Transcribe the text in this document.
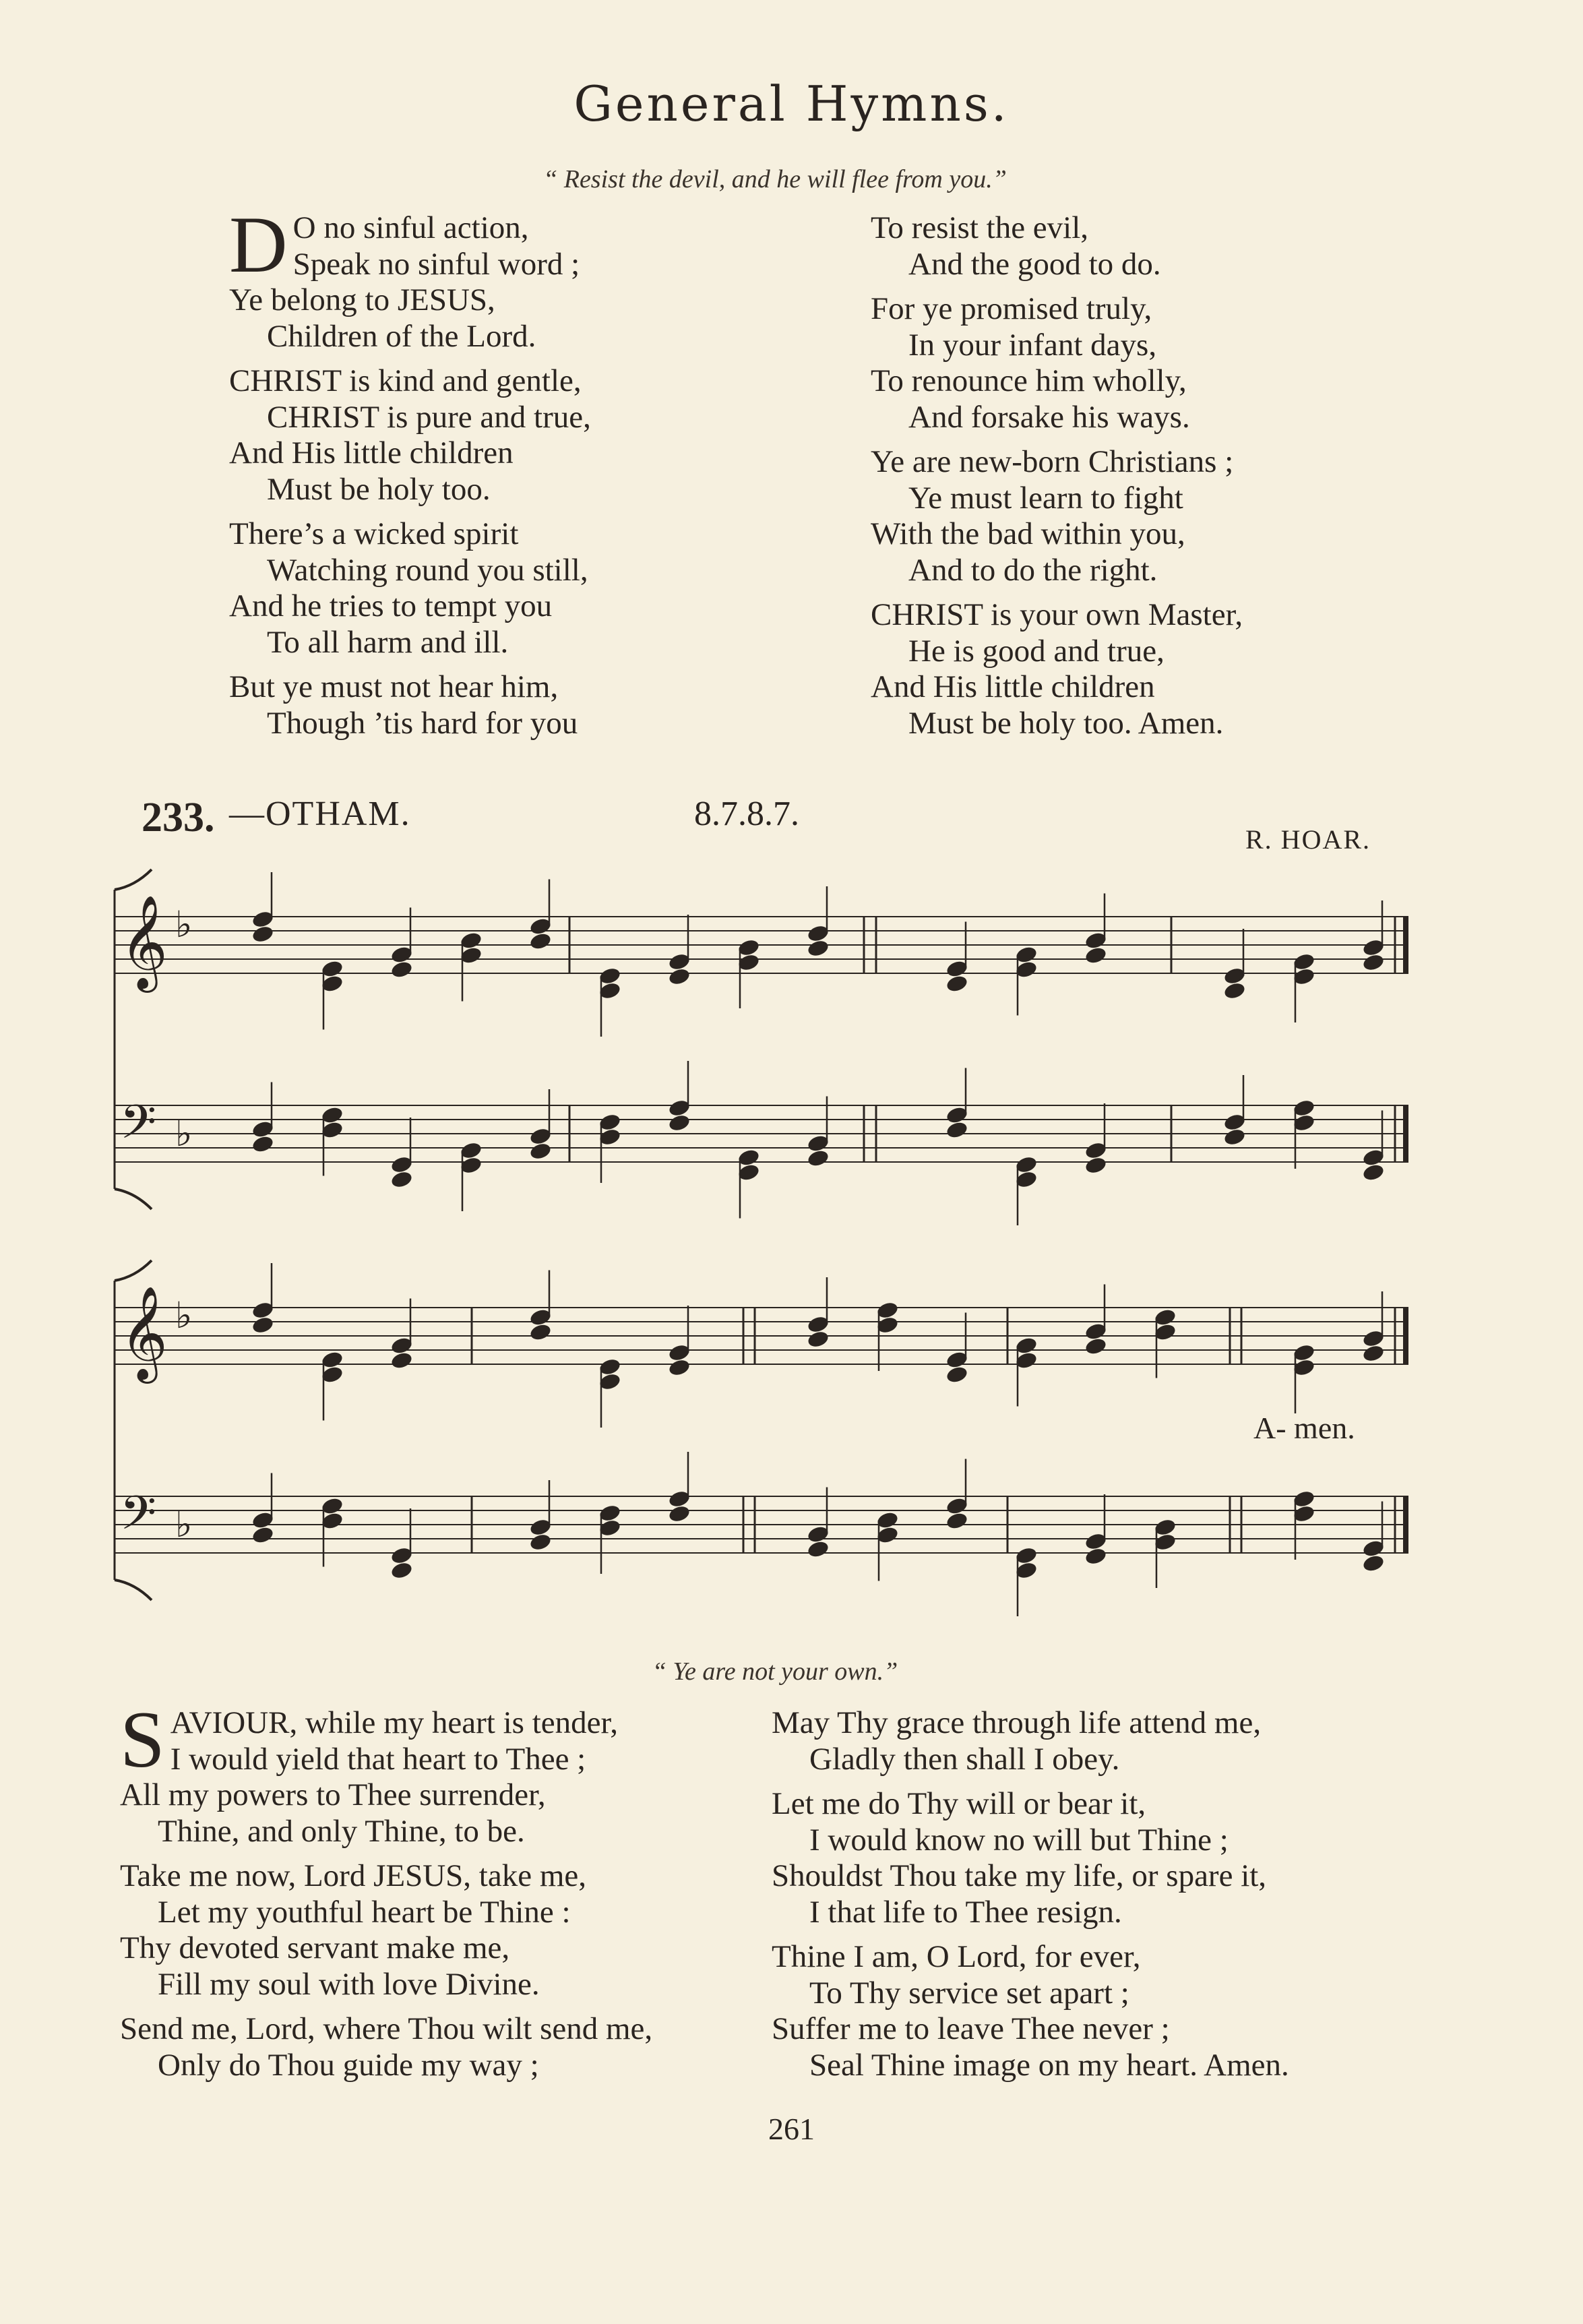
General Hymns.
“ Resist the devil, and he will flee from you.”
D O no sinful action,
Speak no sinful word ;
Ye belong to JESUS,
Children of the Lord.
CHRIST is kind and gentle,
CHRIST is pure and true,
And His little children
Must be holy too.
There’s a wicked spirit
Watching round you still,
And he tries to tempt you
To all harm and ill.
But ye must not hear him,
Though ’tis hard for you
To resist the evil,
And the good to do.
For ye promised truly,
In your infant days,
To renounce him wholly,
And forsake his ways.
Ye are new-born Christians ;
Ye must learn to fight
With the bad within you,
And to do the right.
CHRIST is your own Master,
He is good and true,
And His little children
Must be holy too. Amen.
233. —OTHAM.	8.7.8.7.
R. HOAR.
𝄞 ♭
𝄢 ♭
𝄞 ♭
𝄢 ♭
A- men.
“ Ye are not your own.”
S AVIOUR, while my heart is tender,
I would yield that heart to Thee ;
All my powers to Thee surrender,
Thine, and only Thine, to be.
Take me now, Lord JESUS, take me,
Let my youthful heart be Thine :
Thy devoted servant make me,
Fill my soul with love Divine.
Send me, Lord, where Thou wilt send me,
Only do Thou guide my way ;
May Thy grace through life attend me,
Gladly then shall I obey.
Let me do Thy will or bear it,
I would know no will but Thine ;
Shouldst Thou take my life, or spare it,
I that life to Thee resign.
Thine I am, O Lord, for ever,
To Thy service set apart ;
Suffer me to leave Thee never ;
Seal Thine image on my heart. Amen.
261
